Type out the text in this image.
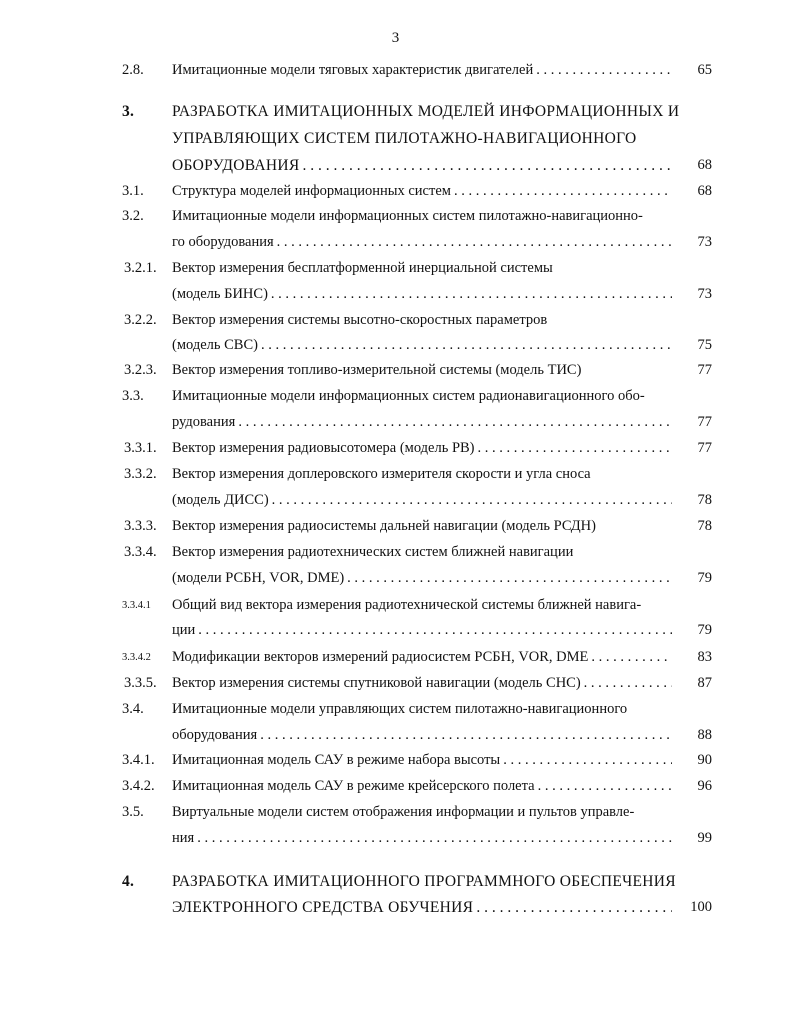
3
2.8. Имитационные модели тяговых характеристик двигателей . . .	65
3. РАЗРАБОТКА ИМИТАЦИОННЫХ МОДЕЛЕЙ ИНФОРМАЦИОННЫХ И
УПРАВЛЯЮЩИХ СИСТЕМ ПИЛОТАЖНО-НАВИГАЦИОННОГО
ОБОРУДОВАНИЯ . . .	68
3.1. Структура моделей информационных систем . . .	68
3.2. Имитационные модели информационных систем пилотажно-навигационно-
го оборудования . . .	73
3.2.1. Вектор измерения бесплатформенной инерциальной системы
(модель БИНС) . . .	73
3.2.2. Вектор измерения системы высотно-скоростных параметров
(модель СВС) . . .	75
3.2.3. Вектор измерения топливо-измерительной системы (модель ТИС)	77
3.3. Имитационные модели информационных систем радионавигационного обо-
рудования . . .	77
3.3.1. Вектор измерения радиовысотомера (модель РВ) . . .	77
3.3.2. Вектор измерения доплеровского измерителя скорости и угла сноса
(модель ДИСС) . . .	78
3.3.3. Вектор измерения радиосистемы дальней навигации (модель РСДН)	78
3.3.4. Вектор измерения радиотехнических систем ближней навигации
(модели РСБН, VOR, DME) . . .	79
3.3.4.1 Общий вид вектора измерения радиотехнической системы ближней навига-
ции . . .	79
3.3.4.2 Модификации векторов измерений радиосистем РСБН, VOR, DME . . .	83
3.3.5. Вектор измерения системы спутниковой навигации (модель СНС) . . .	87
3.4. Имитационные модели управляющих систем пилотажно-навигационного
оборудования . . .	88
3.4.1. Имитационная модель САУ в режиме набора высоты . . .	90
3.4.2. Имитационная модель САУ в режиме крейсерского полета . . .	96
3.5. Виртуальные модели систем отображения информации и пультов управле-
ния . . .	99
4. РАЗРАБОТКА ИМИТАЦИОННОГО ПРОГРАММНОГО ОБЕСПЕЧЕНИЯ
ЭЛЕКТРОННОГО СРЕДСТВА ОБУЧЕНИЯ . . .	100
